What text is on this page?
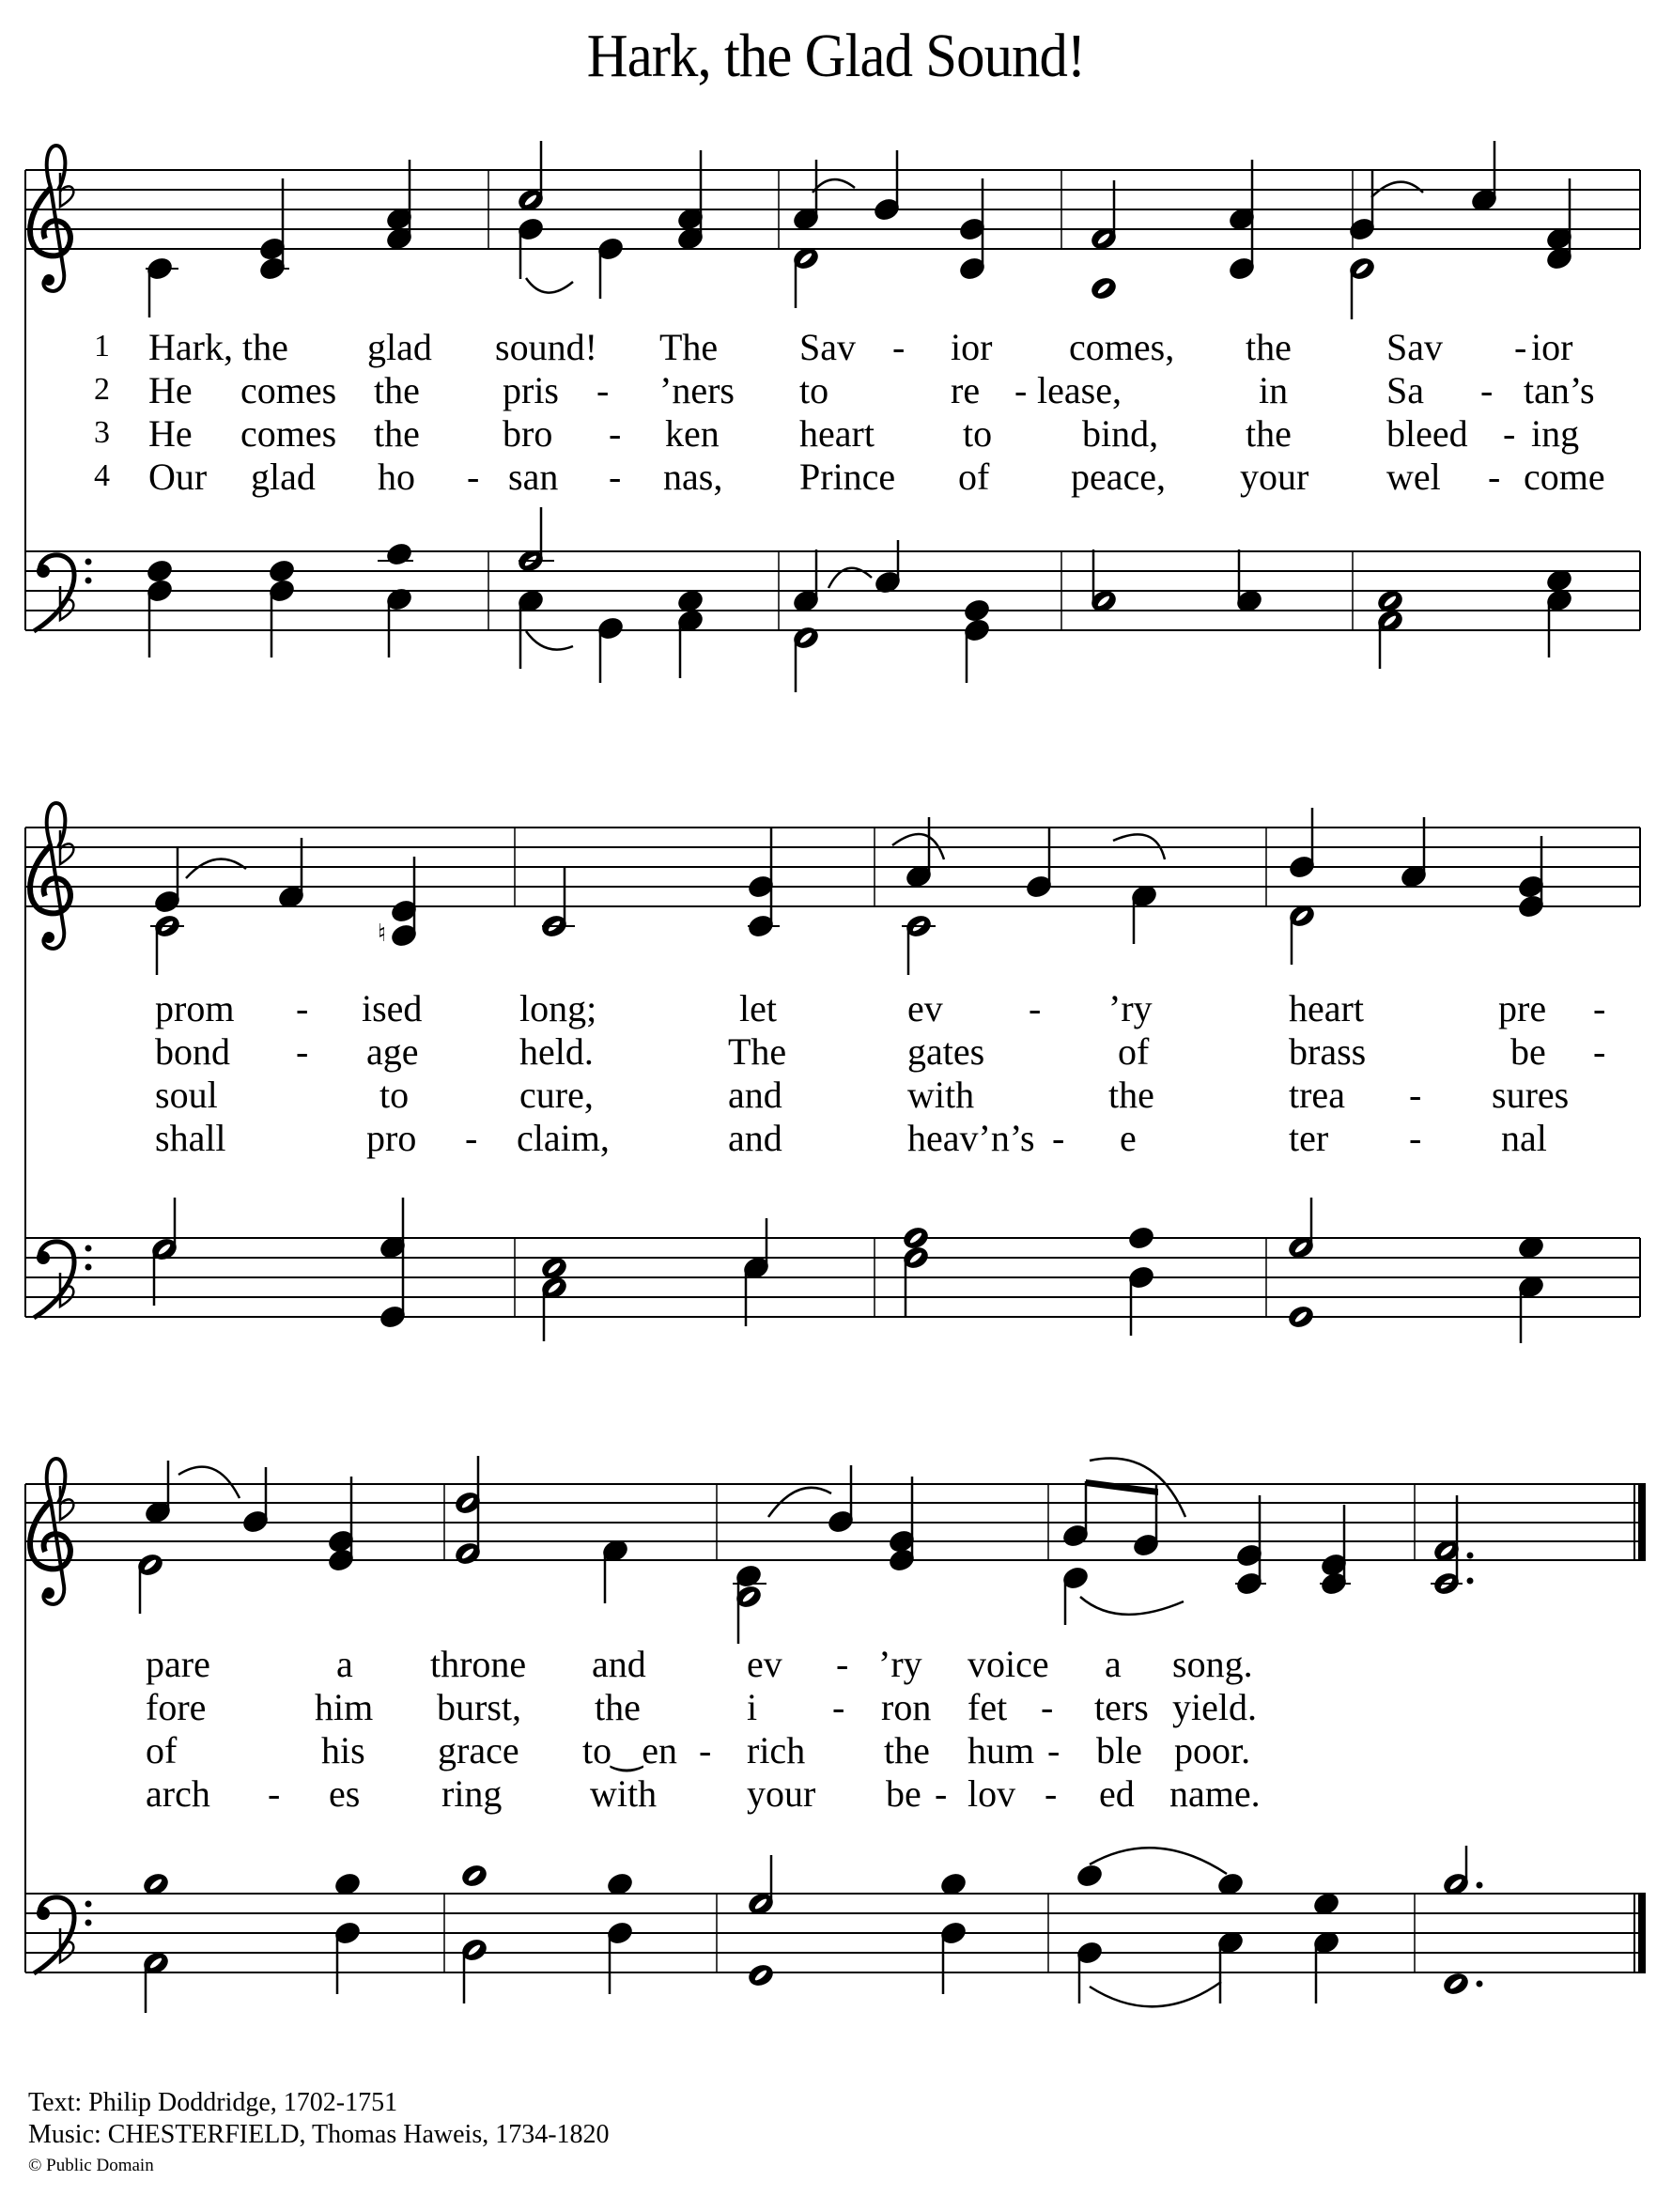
Hark, the Glad Sound!
♮
1
2
3
4
Hark, the glad sound! The Sav - ior comes, the	Sav - ior
He comes the pris - ’ners to	re - lease,	in	Sa - tan’s
He comes the bro - ken heart to bind, the	bleed - ing
Our glad ho - san - nas, Prince of peace, your wel - come
prom - ised	long;	let	ev - ’ry	heart	pre -
bond - age	held.	The	gates	of	brass	be -
soul	to	cure,	and	with	the	trea - sures
shall	pro - claim,	and	heav’n’s e
-	ter - nal
pare	a throne and	ev - ’ry voice a song.
fore	him burst, the	i - ron fet - ters yield.
of	his grace to‿en - rich the hum - ble poor.
arch - es ring with your be - lov - ed name.
Text: Philip Doddridge, 1702-1751
Music: CHESTERFIELD, Thomas Haweis, 1734-1820
© Public Domain
